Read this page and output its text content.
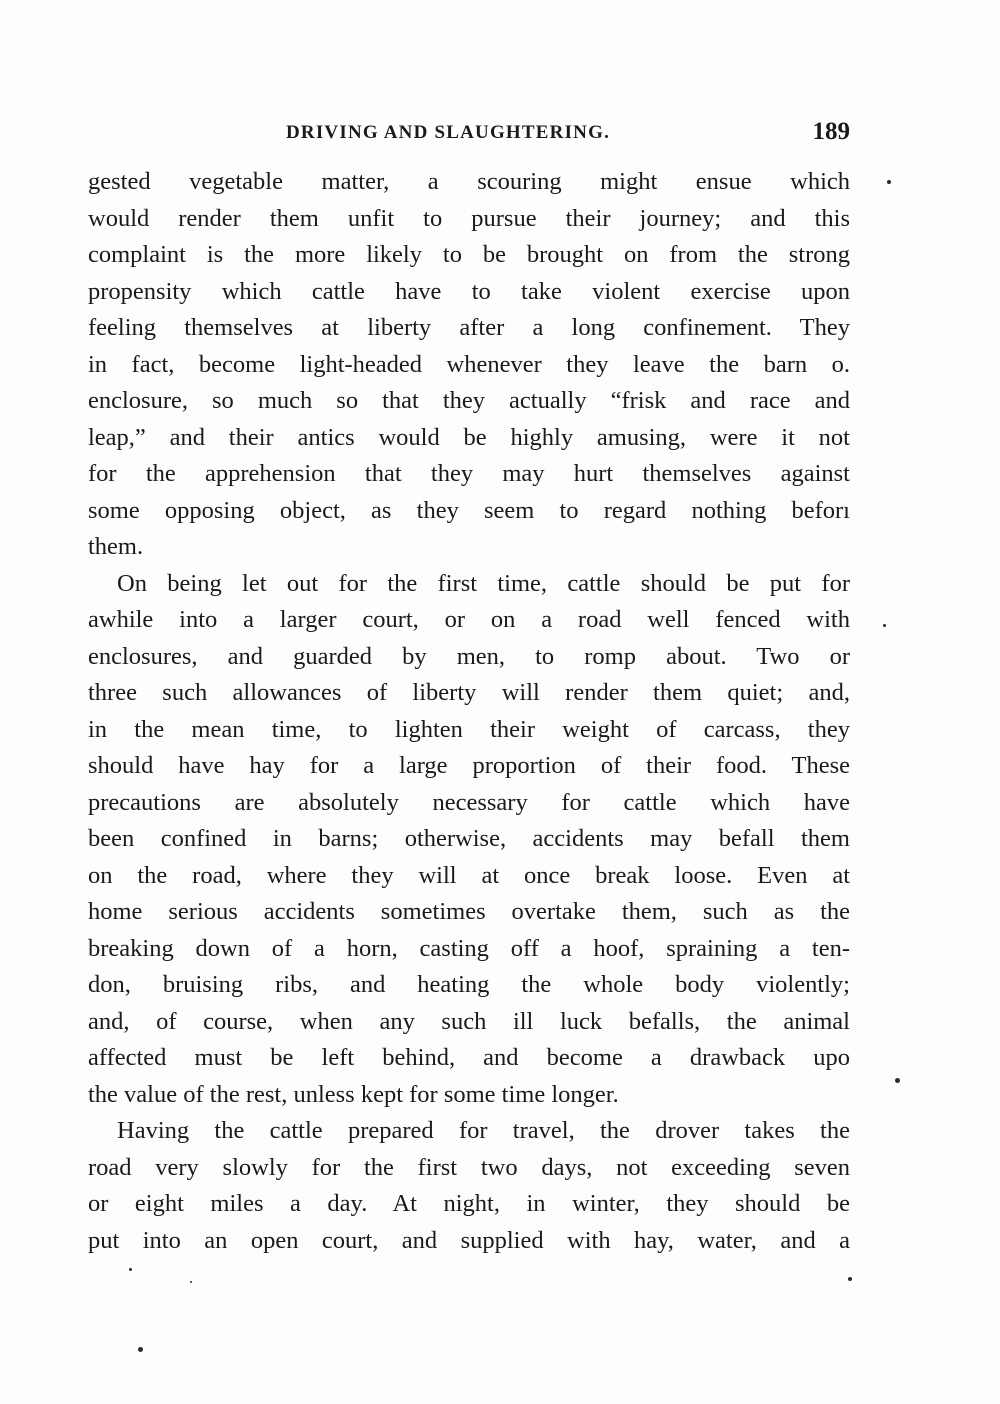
DRIVING AND SLAUGHTERING.	189
gested vegetable matter, a scouring might ensue which
would render them unfit to pursue their journey; and this
complaint is the more likely to be brought on from the strong
propensity which cattle have to take violent exercise upon
feeling themselves at liberty after a long confinement. They
in fact, become light-headed whenever they leave the barn o.
enclosure, so much so that they actually “frisk and race and
leap,” and their antics would be highly amusing, were it not
for the apprehension that they may hurt themselves against
some opposing object, as they seem to regard nothing beforı
them.
On being let out for the first time, cattle should be put for
awhile into a larger court, or on a road well fenced with
enclosures, and guarded by men, to romp about. Two or
three such allowances of liberty will render them quiet; and,
in the mean time, to lighten their weight of carcass, they
should have hay for a large proportion of their food. These
precautions are absolutely necessary for cattle which have
been confined in barns; otherwise, accidents may befall them
on the road, where they will at once break loose. Even at
home serious accidents sometimes overtake them, such as the
breaking down of a horn, casting off a hoof, spraining a ten-
don, bruising ribs, and heating the whole body violently;
and, of course, when any such ill luck befalls, the animal
affected must be left behind, and become a drawback upo
the value of the rest, unless kept for some time longer.
Having the cattle prepared for travel, the drover takes the
road very slowly for the first two days, not exceeding seven
or eight miles a day. At night, in winter, they should be
put into an open court, and supplied with hay, water, and a
